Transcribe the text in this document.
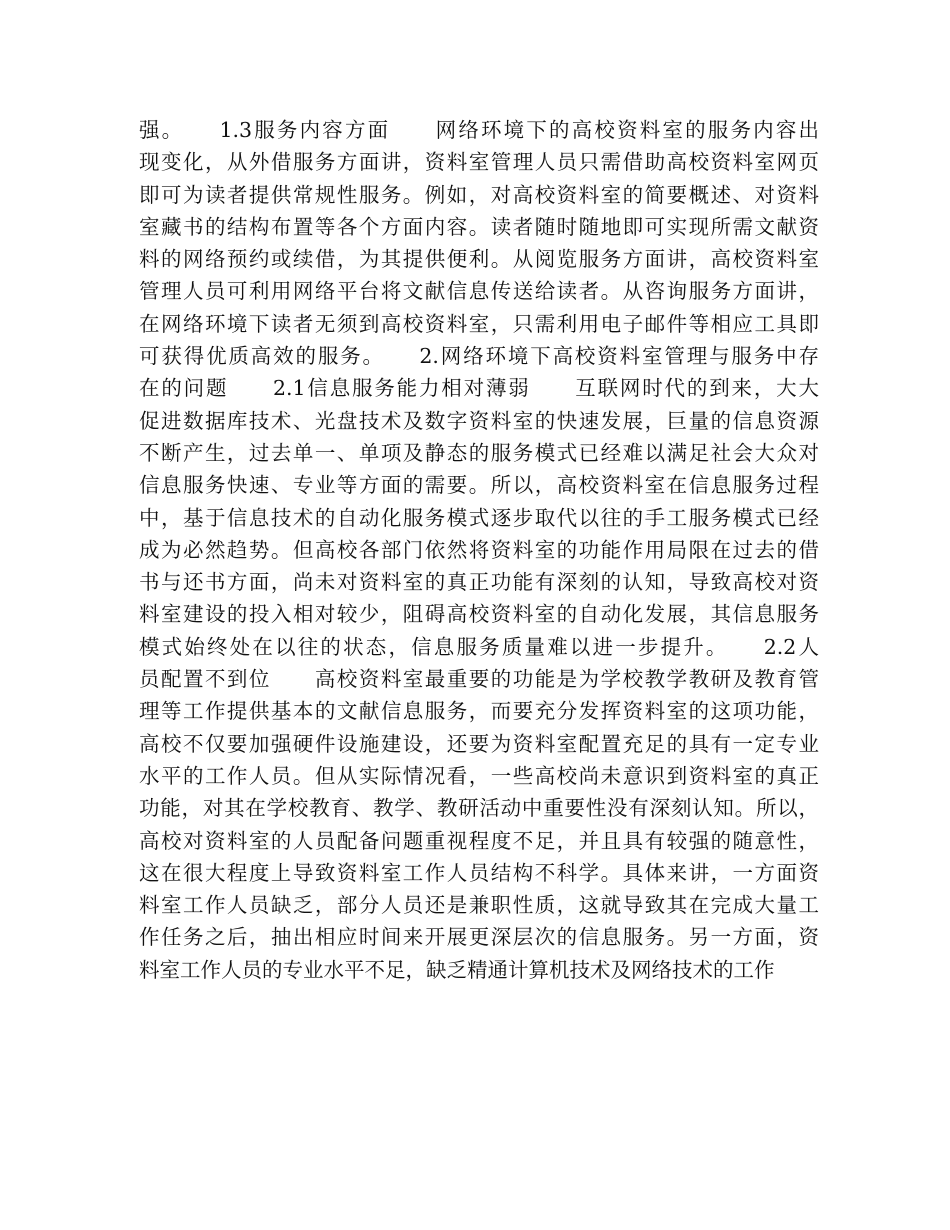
强。　　1.3服务内容方面　　网络环境下的高校资料室的服务内容出
现变化，从外借服务方面讲，资料室管理人员只需借助高校资料室网页
即可为读者提供常规性服务。例如，对高校资料室的简要概述、对资料
室藏书的结构布置等各个方面内容。读者随时随地即可实现所需文献资
料的网络预约或续借，为其提供便利。从阅览服务方面讲，高校资料室
管理人员可利用网络平台将文献信息传送给读者。从咨询服务方面讲，
在网络环境下读者无须到高校资料室，只需利用电子邮件等相应工具即
可获得优质高效的服务。　　2.网络环境下高校资料室管理与服务中存
在的问题　　2.1信息服务能力相对薄弱　　互联网时代的到来，大大
促进数据库技术、光盘技术及数字资料室的快速发展，巨量的信息资源
不断产生，过去单一、单项及静态的服务模式已经难以满足社会大众对
信息服务快速、专业等方面的需要。所以，高校资料室在信息服务过程
中，基于信息技术的自动化服务模式逐步取代以往的手工服务模式已经
成为必然趋势。但高校各部门依然将资料室的功能作用局限在过去的借
书与还书方面，尚未对资料室的真正功能有深刻的认知，导致高校对资
料室建设的投入相对较少，阻碍高校资料室的自动化发展，其信息服务
模式始终处在以往的状态，信息服务质量难以进一步提升。　　2.2人
员配置不到位　　高校资料室最重要的功能是为学校教学教研及教育管
理等工作提供基本的文献信息服务，而要充分发挥资料室的这项功能，
高校不仅要加强硬件设施建设，还要为资料室配置充足的具有一定专业
水平的工作人员。但从实际情况看，一些高校尚未意识到资料室的真正
功能，对其在学校教育、教学、教研活动中重要性没有深刻认知。所以，
高校对资料室的人员配备问题重视程度不足，并且具有较强的随意性，
这在很大程度上导致资料室工作人员结构不科学。具体来讲，一方面资
料室工作人员缺乏，部分人员还是兼职性质，这就导致其在完成大量工
作任务之后，抽出相应时间来开展更深层次的信息服务。另一方面，资
料室工作人员的专业水平不足，缺乏精通计算机技术及网络技术的工作
